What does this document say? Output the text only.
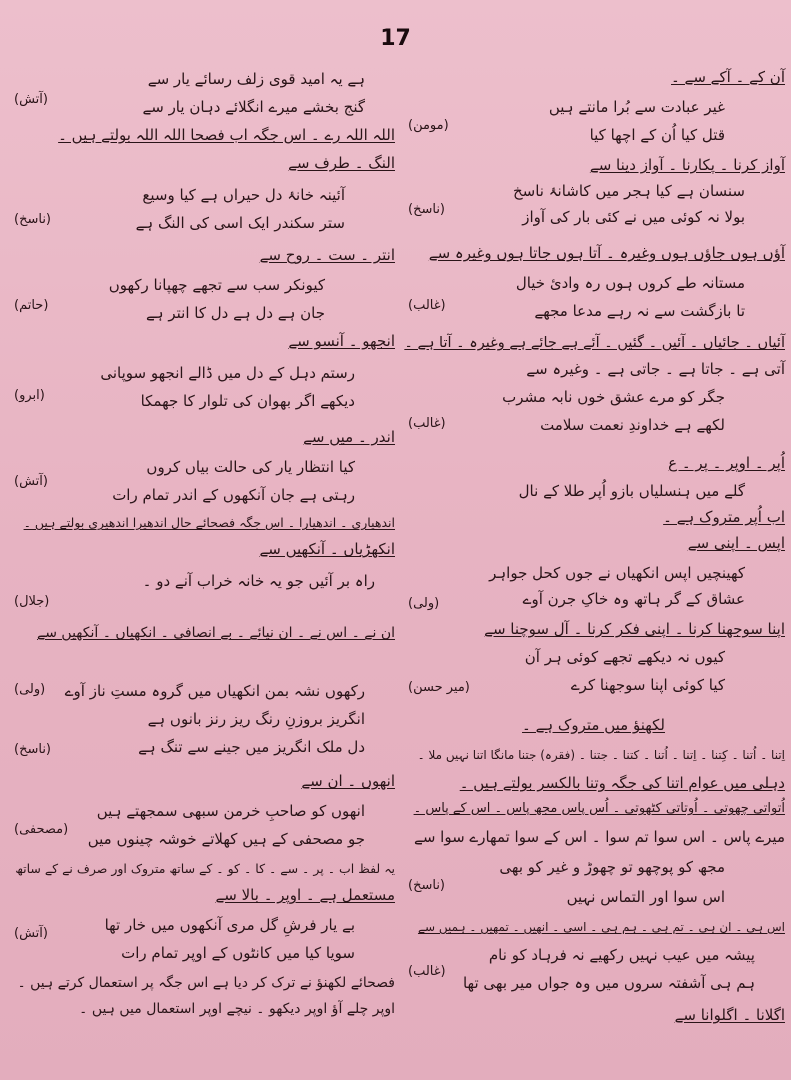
17
آن کے ۔ آکے سے ۔
غیر عبادت سے بُرا مانتے ہیں
قتل کیا اُن کے اچھا کیا
آواز کرنا ۔ پکارنا ۔ آواز دینا سے
سنسان ہے کیا ہجر میں کاشانۂ ناسخ
بولا نہ کوئی میں نے کئی بار کی آواز
آؤں ہوں جاؤں ہوں وغیرہ ۔ آتا ہوں جاتا ہوں وغیرہ سے
مستانہ طے کروں ہوں رہ وادیٔ خیال
تا بازگشت سے نہ رہے مدعا مجھے
آئیاں ۔ جائیاں ۔ آئیں ۔ گئیں ۔ آئے ہے جائے ہے وغیرہ ۔ آتا ہے ۔
آتی ہے ۔ جاتا ہے ۔ جاتی ہے ۔ وغیرہ سے
جگر کو مرے عشق خوں نابہ مشرب
لکھے ہے خداوندِ نعمت سلامت
اُپر ۔ اوپر ۔ پر ۔ ع
گلے میں ہنسلیاں بازو اُپر طلا کے نال
اب اُپر متروک ہے ۔
اپس ۔ اپنی سے
کھینچیں اپس انکھیاں نے جوں کحل جواہر
عشاق کے گر ہاتھ وہ خاکِ جرن آوے
اپنا سوجھنا کرنا ۔ اپنی فکر کرنا ۔ آل سوچنا سے
کیوں نہ دیکھے تجھے کوئی ہر آن
کیا کوئی اپنا سوجھنا کرے
لکھنؤ میں متروک ہے ۔
اِتنا ۔ اُتنا ۔ کِتنا ۔ اِتنا ۔ اُتنا ۔ کتنا ۔ جتنا ۔ (فقرہ) جتنا مانگا اتنا نہیں ملا ۔
دہلی میں عوام اتنا کی جگہ وتنا بالکسر بولتے ہیں ۔
اُتواتی چھوتی ۔ اُوتاتی کٹھوتی ۔ اُس پاس مجھ پاس ۔ اس کے پاس ۔
میرے پاس ۔ اس سوا تم سوا ۔ اس کے سوا تمھارے سوا سے
مجھ کو پوچھو تو چھوڑ و غیر کو بھی
اس سوا اور التماس نہیں
اس ہی ۔ ان ہی ۔ تم ہی ۔ ہم ہی ۔ اسی ۔ انھیں ۔ تمھیں ۔ ہمیں سے
پیشہ میں عیب نہیں رکھیے نہ فرہاد کو نام
ہم ہی آشفتہ سروں میں وہ جواں میر بھی تھا
اگلانا ۔ اگلوانا سے
(مومن)
(ناسخ)
(غالب)
(غالب)
(ولی)
(میر حسن)
(ناسخ)
(غالب)
ہے یہ امید قوی زلف رسائے یار سے
گنج بخشے میرے انگلائے دہان یار سے
اللہ اللہ رے ۔ اس جگہ اب فصحا اللہ اللہ بولتے ہیں ۔
النگ ۔ طرف سے
آئینہ خانۂ دل حیراں ہے کیا وسیع
ستر سکندر ایک اسی کی النگ ہے
انتر ۔ ست ۔ روح سے
کیونکر سب سے تجھے چھپانا رکھوں
جان ہے دل ہے دل کا انتر ہے
انجھو ۔ آنسو سے
رستم دہل کے دل میں ڈالے انجھو سوپانی
دیکھے اگر بھوان کی تلوار کا جھمکا
اندر ۔ میں سے
کیا انتظار یار کی حالت بیاں کروں
رہتی ہے جان آنکھوں کے اندر تمام رات
اندھیاری ۔ اندھیارا ۔ اس جگہ فصحائے حال اندھیرا اندھیری بولتے ہیں ۔
انکھڑیاں ۔ آنکھیں سے
راہ بر آئیں جو یہ خانہ خراب آنے دو ۔
ان نے ۔ اس نے ۔ ان نیائے ۔ بے انصافی ۔ انکھیاں ۔ آنکھیں سے
رکھوں نشہ بمن انکھیاں میں گروہ مستِ ناز آوے
انگریز بروزنِ رنگ ریز رنز بانوں ہے
دل ملک انگریز میں جینے سے تنگ ہے
انھوں ۔ ان سے
انھوں کو صاحبِ خرمن سبھی سمجھتے ہیں
جو مصحفی کے ہیں کھلاتے خوشہ چینوں میں
یہ لفظ اب ۔ پر ۔ سے ۔ کا ۔ کو ۔ کے ساتھ متروک اور صرف نے کے ساتھ
مستعمل ہے ۔ اوپر ۔ بالا سے
بے یار فرشِ گل مری آنکھوں میں خار تھا
سویا کیا میں کانٹوں کے اوپر تمام رات
فصحائے لکھنؤ نے ترک کر دیا ہے اس جگہ پر استعمال کرتے ہیں ۔
اوپر چلے آؤ اوپر دیکھو ۔ نیچے اوپر استعمال میں ہیں ۔
(آتش)
(ناسخ)
(حاتم)
(ابرو)
(آتش)
(جلال)
(ولی)
(ناسخ)
(مصحفی)
(آتش)
